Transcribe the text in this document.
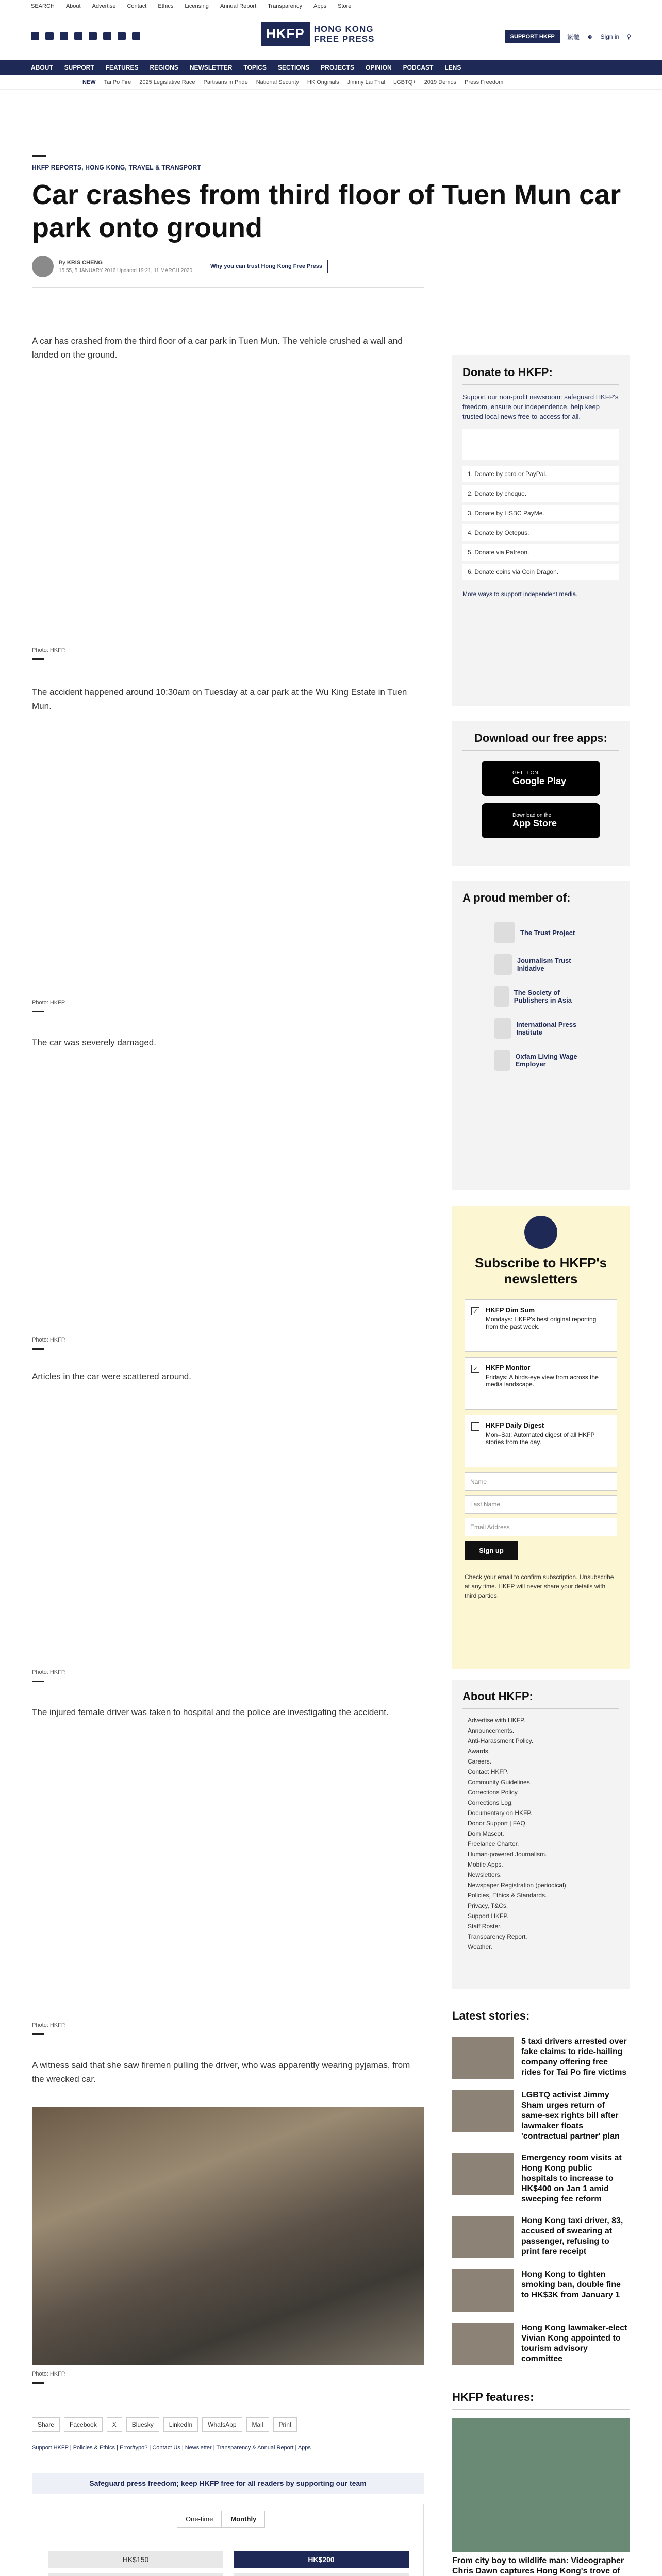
SEARCH About Advertise Contact Ethics Licensing Annual Report Transparency Apps Store
HKFP	HONG KONG
FREE PRESS	SUPPORT HKFP	繁體 ☻ Sign in ⚲
ABOUT SUPPORT FEATURES REGIONS NEWSLETTER TOPICS SECTIONS PROJECTS OPINION PODCAST LENS
NEW Tai Po Fire 2025 Legislative Race Partisans in Pride National Security HK Originals Jimmy Lai Trial LGBTQ+ 2019 Demos Press Freedom
HKFP REPORTS, HONG KONG, TRAVEL & TRANSPORT
Car crashes from third floor of Tuen Mun car park onto ground
By KRIS CHENG
15:55, 5 JANUARY 2016 Updated 19:21, 11 MARCH 2020
Why you can trust Hong Kong Free Press

A car has crashed from the third floor of a car park in Tuen Mun. The vehicle crushed a wall and landed on the ground.

Photo: HKFP.

The accident happened around 10:30am on Tuesday at a car park at the Wu King Estate in Tuen Mun.

Photo: HKFP.

The car was severely damaged.

Photo: HKFP.

Articles in the car were scattered around.

Photo: HKFP.

The injured female driver was taken to hospital and the police are investigating the accident.

Photo: HKFP.

A witness said that she saw firemen pulling the driver, who was apparently wearing pyjamas, from the wrecked car.

Photo: HKFP.
Share	Facebook	X	Bluesky	LinkedIn	WhatsApp	Mail	Print
Support HKFP | Policies & Ethics | Error/typo? | Contact Us | Newsletter | Transparency & Annual Report | Apps
Safeguard press freedom; keep HKFP free for all readers by supporting our team
One-time	Monthly
HK$150	HK$200

Donate to HKFP:

Support our non-profit newsroom: safeguard HKFP's freedom, ensure our independence, help keep trusted local news free-to-access for all.

1. Donate by card or PayPal.
2. Donate by cheque.
3. Donate by HSBC PayMe.
4. Donate by Octopus.
5. Donate via Patreon.
6. Donate coins via Coin Dragon.

More ways to support independent media.

Download our free apps:
GET IT ON
Google Play
Download on the
App Store
A proud member of:
The Trust Project
Journalism Trust Initiative
The Society of Publishers in Asia
International Press Institute
Oxfam Living Wage Employer
Subscribe to HKFP's newsletters
✓ HKFP Dim Sum
Mondays: HKFP's best original reporting from the past week.
✓ HKFP Monitor
Fridays: A birds-eye view from across the media landscape.
HKFP Daily Digest
Mon–Sat: Automated digest of all HKFP stories from the day.
Name
Last Name
Email Address
Sign up

Check your email to confirm subscription. Unsubscribe at any time. HKFP will never share your details with third parties.

About HKFP:
Advertise with HKFP.
Announcements.
Anti-Harassment Policy.
Awards.
Careers.
Contact HKFP.
Community Guidelines.
Corrections Policy.
Corrections Log.
Documentary on HKFP.
Donor Support | FAQ.
Dom Mascot.
Freelance Charter.
Human-powered Journalism.
Mobile Apps.
Newsletters.
Newspaper Registration (periodical).
Policies, Ethics & Standards.
Privacy, T&Cs.
Support HKFP.
Staff Roster.
Transparency Report.
Weather.
Latest stories:
5 taxi drivers arrested over fake claims to ride-hailing company offering free rides for Tai Po fire victims
LGBTQ activist Jimmy Sham urges return of same-sex rights bill after lawmaker floats 'contractual partner' plan
Emergency room visits at Hong Kong public hospitals to increase to HK$400 on Jan 1 amid sweeping fee reform
Hong Kong taxi driver, 83, accused of swearing at passenger, refusing to print fare receipt
Hong Kong to tighten smoking ban, double fine to HK$3K from January 1
Hong Kong lawmaker-elect Vivian Kong appointed to tourism advisory committee
HKFP features:
From city boy to wildlife man: Videographer Chris Dawn captures Hong Kong's trove of
